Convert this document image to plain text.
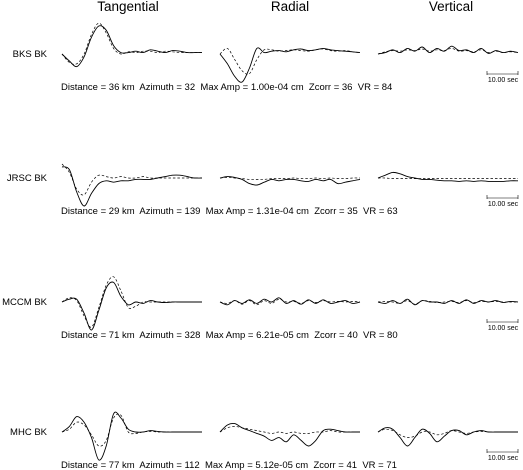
Tangential	Radial	Vertical
BKS BK
10.00 sec
Distance = 36 km  Azimuth = 32  Max Amp = 1.00e-04 cm  Zcorr = 36  VR = 84
JRSC BK
10.00 sec
Distance = 29 km  Azimuth = 139  Max Amp = 1.31e-04 cm  Zcorr = 35  VR = 63
MCCM BK
10.00 sec
Distance = 71 km  Azimuth = 328  Max Amp = 6.21e-05 cm  Zcorr = 40  VR = 80
MHC BK
10.00 sec
Distance = 77 km  Azimuth = 112  Max Amp = 5.12e-05 cm  Zcorr = 41  VR = 71
